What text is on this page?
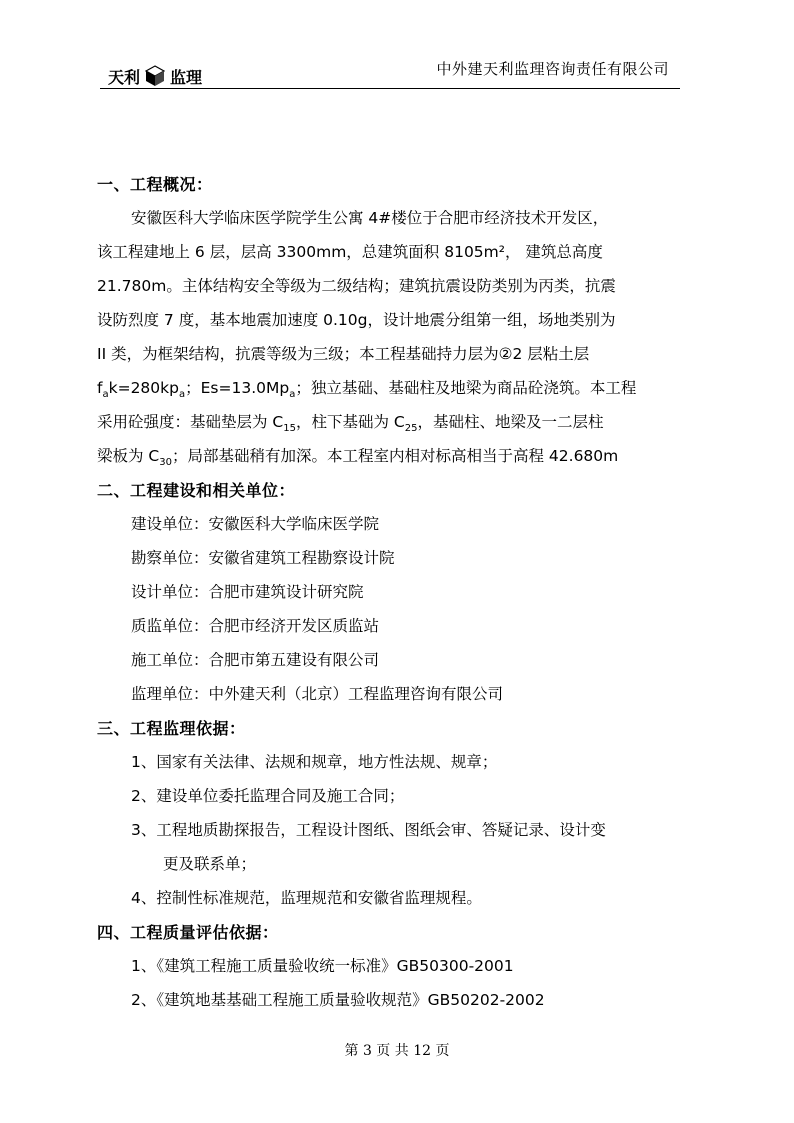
天利 监理	中外建天利监理咨询责任有限公司
一、工程概况：
安徽医科大学临床医学院学生公寓 4#楼位于合肥市经济技术开发区，
该工程建地上 6 层，层高 3300mm，总建筑面积 8105m²， 建筑总高度
21.780m。主体结构安全等级为二级结构；建筑抗震设防类别为丙类，抗震
设防烈度 7 度，基本地震加速度 0.10g，设计地震分组第一组，场地类别为
II 类，为框架结构，抗震等级为三级；本工程基础持力层为②2 层粘土层
$f_ak=280kp_a$；$Es=13.0Mp_a$；独立基础、基础柱及地梁为商品砼浇筑。本工程
采用砼强度：基础垫层为 $C_{15}$，柱下基础为 $C_{25}$，基础柱、地梁及一二层柱
梁板为 $C_{30}$；局部基础稍有加深。本工程室内相对标高相当于高程 42.680m
二、工程建设和相关单位：
建设单位：安徽医科大学临床医学院
勘察单位：安徽省建筑工程勘察设计院
设计单位：合肥市建筑设计研究院
质监单位：合肥市经济开发区质监站
施工单位：合肥市第五建设有限公司
监理单位：中外建天利（北京）工程监理咨询有限公司
三、工程监理依据：
1、国家有关法律、法规和规章，地方性法规、规章；
2、建设单位委托监理合同及施工合同；
3、工程地质勘探报告，工程设计图纸、图纸会审、答疑记录、设计变
更及联系单；
4、控制性标准规范，监理规范和安徽省监理规程。
四、工程质量评估依据：
1、《建筑工程施工质量验收统一标准》GB50300-2001
2、《建筑地基基础工程施工质量验收规范》GB50202-2002
第 3 页 共 12 页
